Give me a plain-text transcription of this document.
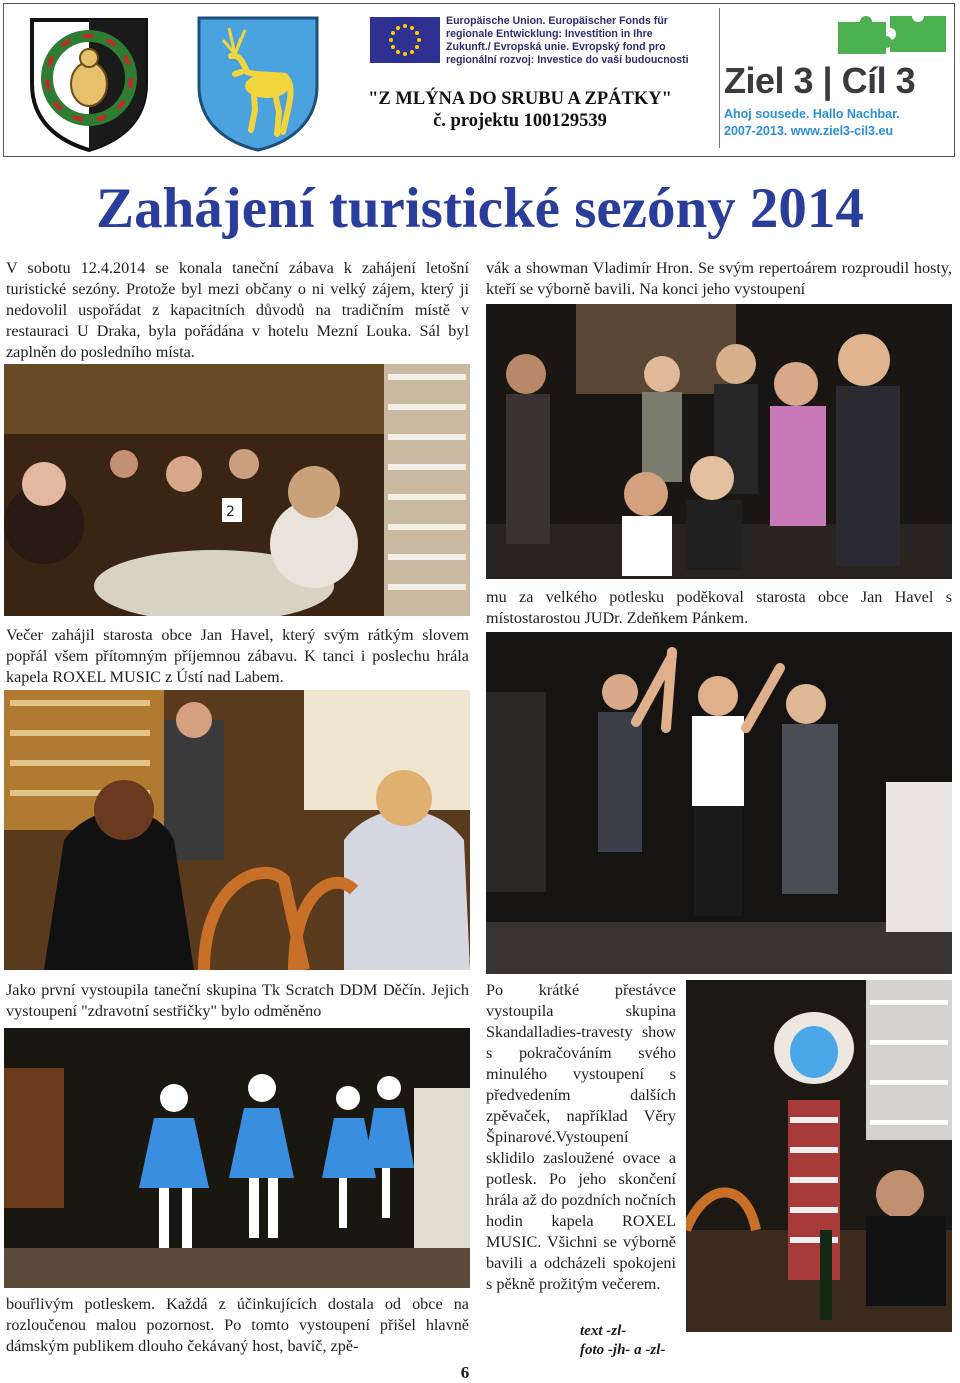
Europäische Union. Europäischer Fonds für
regionale Entwicklung: Investition in Ihre
Zukunft./ Evropská unie. Evropský fond pro
regionální rozvoj: Investice do vaší budoucnosti
"Z MLÝNA DO SRUBU A ZPÁTKY"
č. projektu 100129539
Ziel 3 | Cíl 3
Ahoj sousede. Hallo Nachbar.
2007-2013. www.ziel3-cil3.eu
Zahájení turistické sezóny 2014
V sobotu 12.4.2014 se konala taneční zábava k zahájení letošní turistické sezóny. Protože byl mezi občany o ni velký zájem, který ji nedovolil uspořádat z kapacitních důvodů na tradičním místě v restauraci U Draka, byla pořádána v hotelu Mezní Louka. Sál byl zaplněn do posledního místa.
2
Večer zahájil starosta obce Jan Havel, který svým rátkým slovem popřál všem přítomným příjemnou zábavu. K tanci i poslechu hrála kapela ROXEL MUSIC z Ústí nad Labem.
Jako první vystoupila taneční skupina Tk Scratch DDM Děčín. Jejich vystoupení "zdravotní sestřičky" bylo odměněno
bouřlivým potleskem. Každá z účinkujících dostala od obce na rozloučenou malou pozornost. Po tomto vystoupení přišel hlavně dámským publikem dlouho čekávaný host, bavič, zpě-
vák a showman Vladimír Hron. Se svým repertoárem rozproudil hosty, kteří se výborně bavili. Na konci jeho vystoupení
mu za velkého potlesku poděkoval starosta obce Jan Havel s místostarostou JUDr. Zdeňkem Pánkem.
Po krátké přestávce vystoupila skupina Skandalladies-travesty show s pokračováním svého minulého vystoupení s předvedením dalších zpěvaček, například Věry Špinarové.Vystoupení sklidilo zasloužené ovace a potlesk. Po jeho skončení hrála až do pozdních nočních hodin kapela ROXEL MUSIC. Všichni se výborně bavili a odcházeli spokojeni s pěkně prožitým večerem.
text -zl-
foto -jh- a -zl-
6
